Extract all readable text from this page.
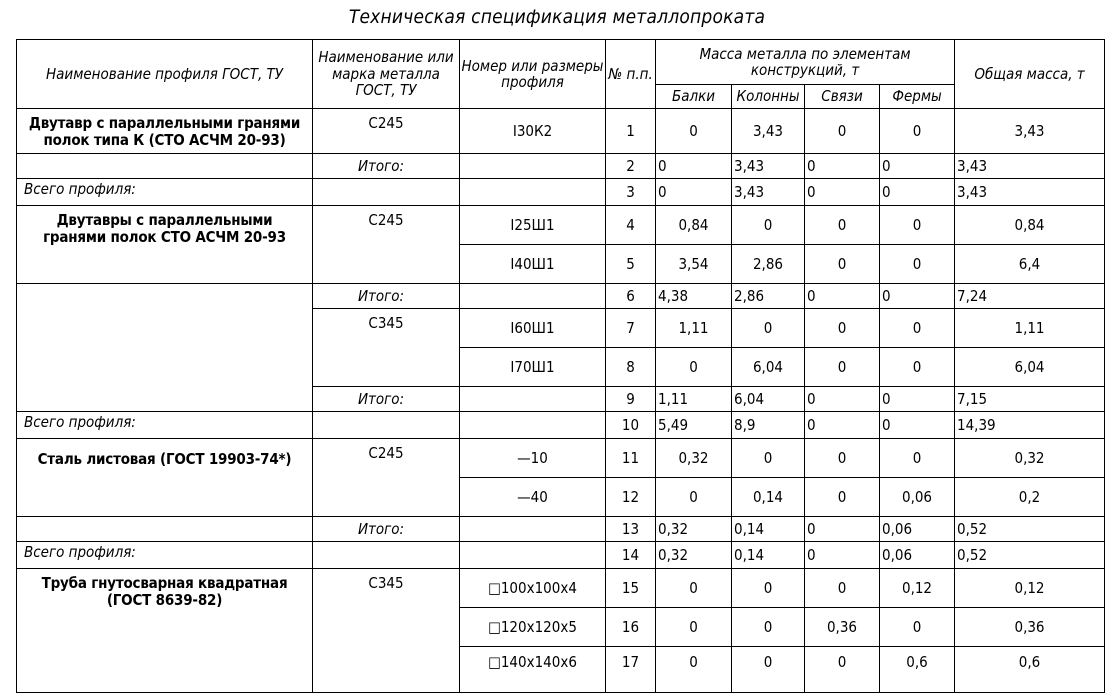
Техническая спецификация металлопроката
Наименование профиля ГОСТ, ТУ	Наименование или марка металла ГОСТ, ТУ	Номер или размеры профиля	№ п.п.	Масса металла по элементам конструкций, т				Общая масса, т
				Балки	Колонны	Связи	Фермы	
Двутавр с параллельными гранями полок типа К (СТО АСЧМ 20-93)	С245	Ⅰ30К2	1	0	3,43	0	0	3,43
	Итого:		2	0	3,43	0	0	3,43
Всего профиля:			3	0	3,43	0	0	3,43
Двутавры с параллельными гранями полок СТО АСЧМ 20-93	С245	Ⅰ25Ш1	4	0,84	0	0	0	0,84
		Ⅰ40Ш1	5	3,54	2,86	0	0	6,4
	Итого:		6	4,38	2,86	0	0	7,24
	С345	Ⅰ60Ш1	7	1,11	0	0	0	1,11
		Ⅰ70Ш1	8	0	6,04	0	0	6,04
	Итого:		9	1,11	6,04	0	0	7,15
Всего профиля:			10	5,49	8,9	0	0	14,39
Сталь листовая (ГОСТ 19903-74*)	С245	—10	11	0,32	0	0	0	0,32
		—40	12	0	0,14	0	0,06	0,2
	Итого:		13	0,32	0,14	0	0,06	0,52
Всего профиля:			14	0,32	0,14	0	0,06	0,52
Труба гнутосварная квадратная (ГОСТ 8639-82)	С345	□100х100х4	15	0	0	0	0,12	0,12
		□120х120х5	16	0	0	0,36	0	0,36
		□140х140х6	17	0	0	0	0,6	0,6
